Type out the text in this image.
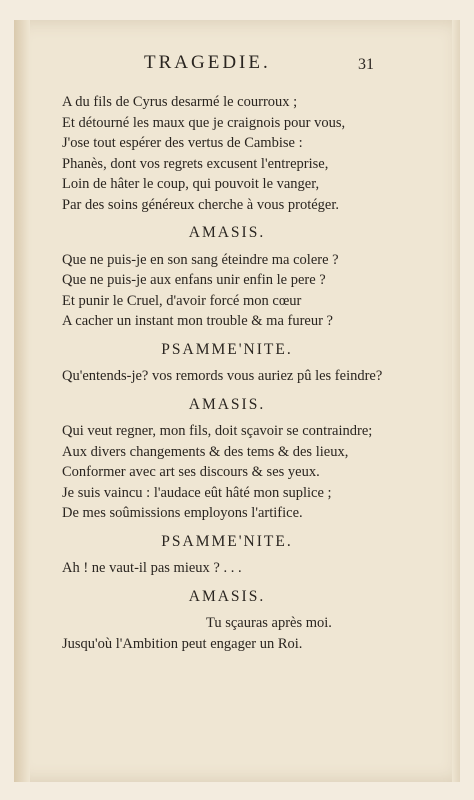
TRAGEDIE.	31
A du fils de Cyrus desarmé le courroux ;
Et détourné les maux que je craignois pour vous,
J'ose tout espérer des vertus de Cambise :
Phanès, dont vos regrets excusent l'entreprise,
Loin de hâter le coup, qui pouvoit le vanger,
Par des soins généreux cherche à vous protéger.
AMASIS.
Que ne puis-je en son sang éteindre ma colere ?
Que ne puis-je aux enfans unir enfin le pere ?
Et punir le Cruel, d'avoir forcé mon cœur
A cacher un instant mon trouble & ma fureur ?
PSAMME'NITE.
Qu'entends-je? vos remords vous auriez pû les feindre?
AMASIS.
Qui veut regner, mon fils, doit sçavoir se contraindre;
Aux divers changements & des tems & des lieux,
Conformer avec art ses discours & ses yeux.
Je suis vaincu : l'audace eût hâté mon suplice ;
De mes soûmissions employons l'artifice.
PSAMME'NITE.
Ah ! ne vaut-il pas mieux ? . . .
AMASIS.
Tu sçauras après moi.
Jusqu'où l'Ambition peut engager un Roi.
